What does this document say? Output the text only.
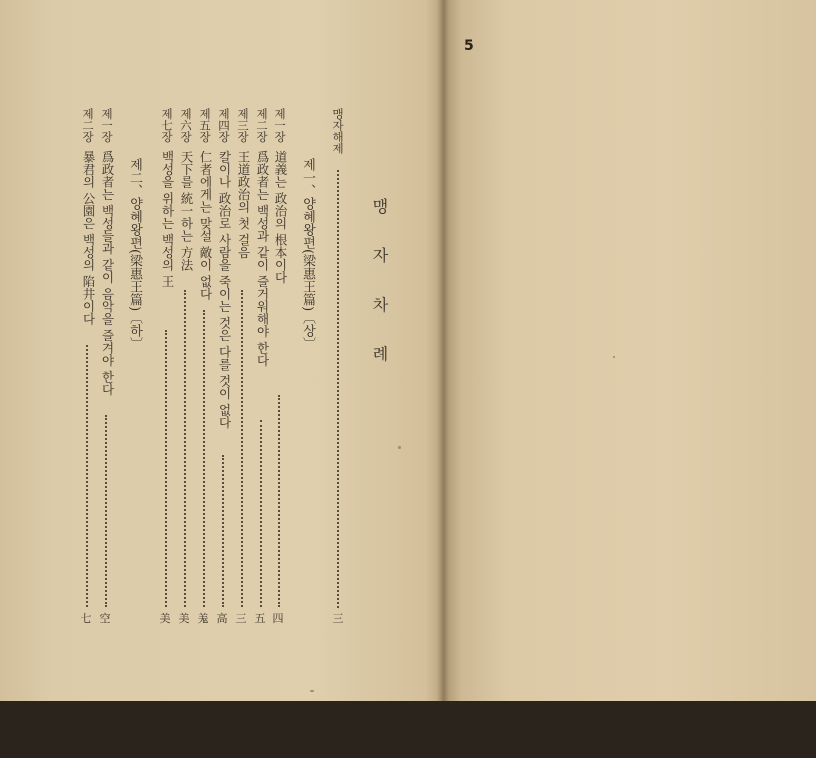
맹 자 차 례
맹자해제
三
제一、양혜왕편(梁惠王篇)〔상〕
제一장道義는 政治의 根本이다
四
제二장爲政者는 백성과 같이 즐거워해야 한다
五
제三장王道政治의 첫 걸음
三
제四장칼이나 政治로 사람을 죽이는 것은 다를 것이 없다
高
제五장仁者에게는 맞설 敵이 없다
羗
제六장天下를 統一하는 方法
美
제七장백성을 위하는 백성의 王
美
제二、양혜왕편(梁惠王篇)〔하〕
제一장爲政者는 백성들과 같이 음악을 즐겨야 한다
空
제二장暴君의 公園은 백성의 陷井이다
七
5
